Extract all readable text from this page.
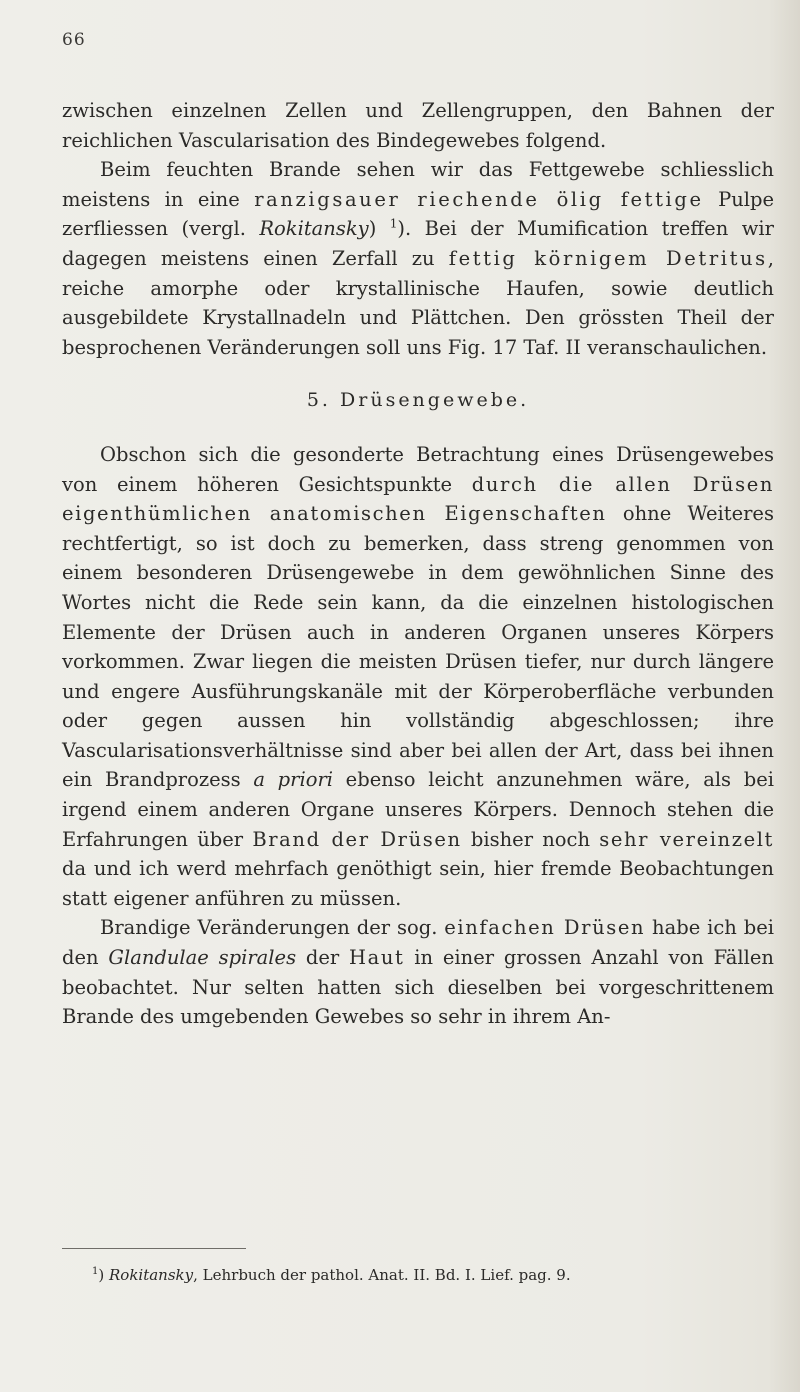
66

zwischen einzelnen Zellen und Zellengruppen, den Bahnen der reichlichen Vascularisation des Bindegewebes folgend.

Beim feuchten Brande sehen wir das Fettgewebe schliesslich meistens in eine ranzigsauer riechende ölig fettige Pulpe zerfliessen (vergl. Rokitansky) $^1$). Bei der Mumification treffen wir dagegen meistens einen Zerfall zu fettig körnigem Detritus, reiche amorphe oder krystallinische Haufen, sowie deutlich ausgebildete Krystallnadeln und Plättchen. Den grössten Theil der besprochenen Veränderungen soll uns Fig. 17 Taf. II veranschaulichen.

5. Drüsengewebe.

Obschon sich die gesonderte Betrachtung eines Drüsengewebes von einem höheren Gesichtspunkte durch die allen Drüsen eigenthümlichen anatomischen Eigenschaften ohne Weiteres rechtfertigt, so ist doch zu bemerken, dass streng genommen von einem besonderen Drüsengewebe in dem gewöhnlichen Sinne des Wortes nicht die Rede sein kann, da die einzelnen histologischen Elemente der Drüsen auch in anderen Organen unseres Körpers vorkommen. Zwar liegen die meisten Drüsen tiefer, nur durch längere und engere Ausführungskanäle mit der Körperoberfläche verbunden oder gegen aussen hin vollständig abgeschlossen; ihre Vascularisationsverhältnisse sind aber bei allen der Art, dass bei ihnen ein Brandprozess a priori ebenso leicht anzunehmen wäre, als bei irgend einem anderen Organe unseres Körpers. Dennoch stehen die Erfahrungen über Brand der Drüsen bisher noch sehr vereinzelt da und ich werd mehrfach genöthigt sein, hier fremde Beobachtungen statt eigener anführen zu müssen.

Brandige Veränderungen der sog. einfachen Drüsen habe ich bei den Glandulae spirales der Haut in einer grossen Anzahl von Fällen beobachtet. Nur selten hatten sich dieselben bei vorgeschrittenem Brande des umgebenden Gewebes so sehr in ihrem An-

$^1$) Rokitansky, Lehrbuch der pathol. Anat. II. Bd. I. Lief. pag. 9.
